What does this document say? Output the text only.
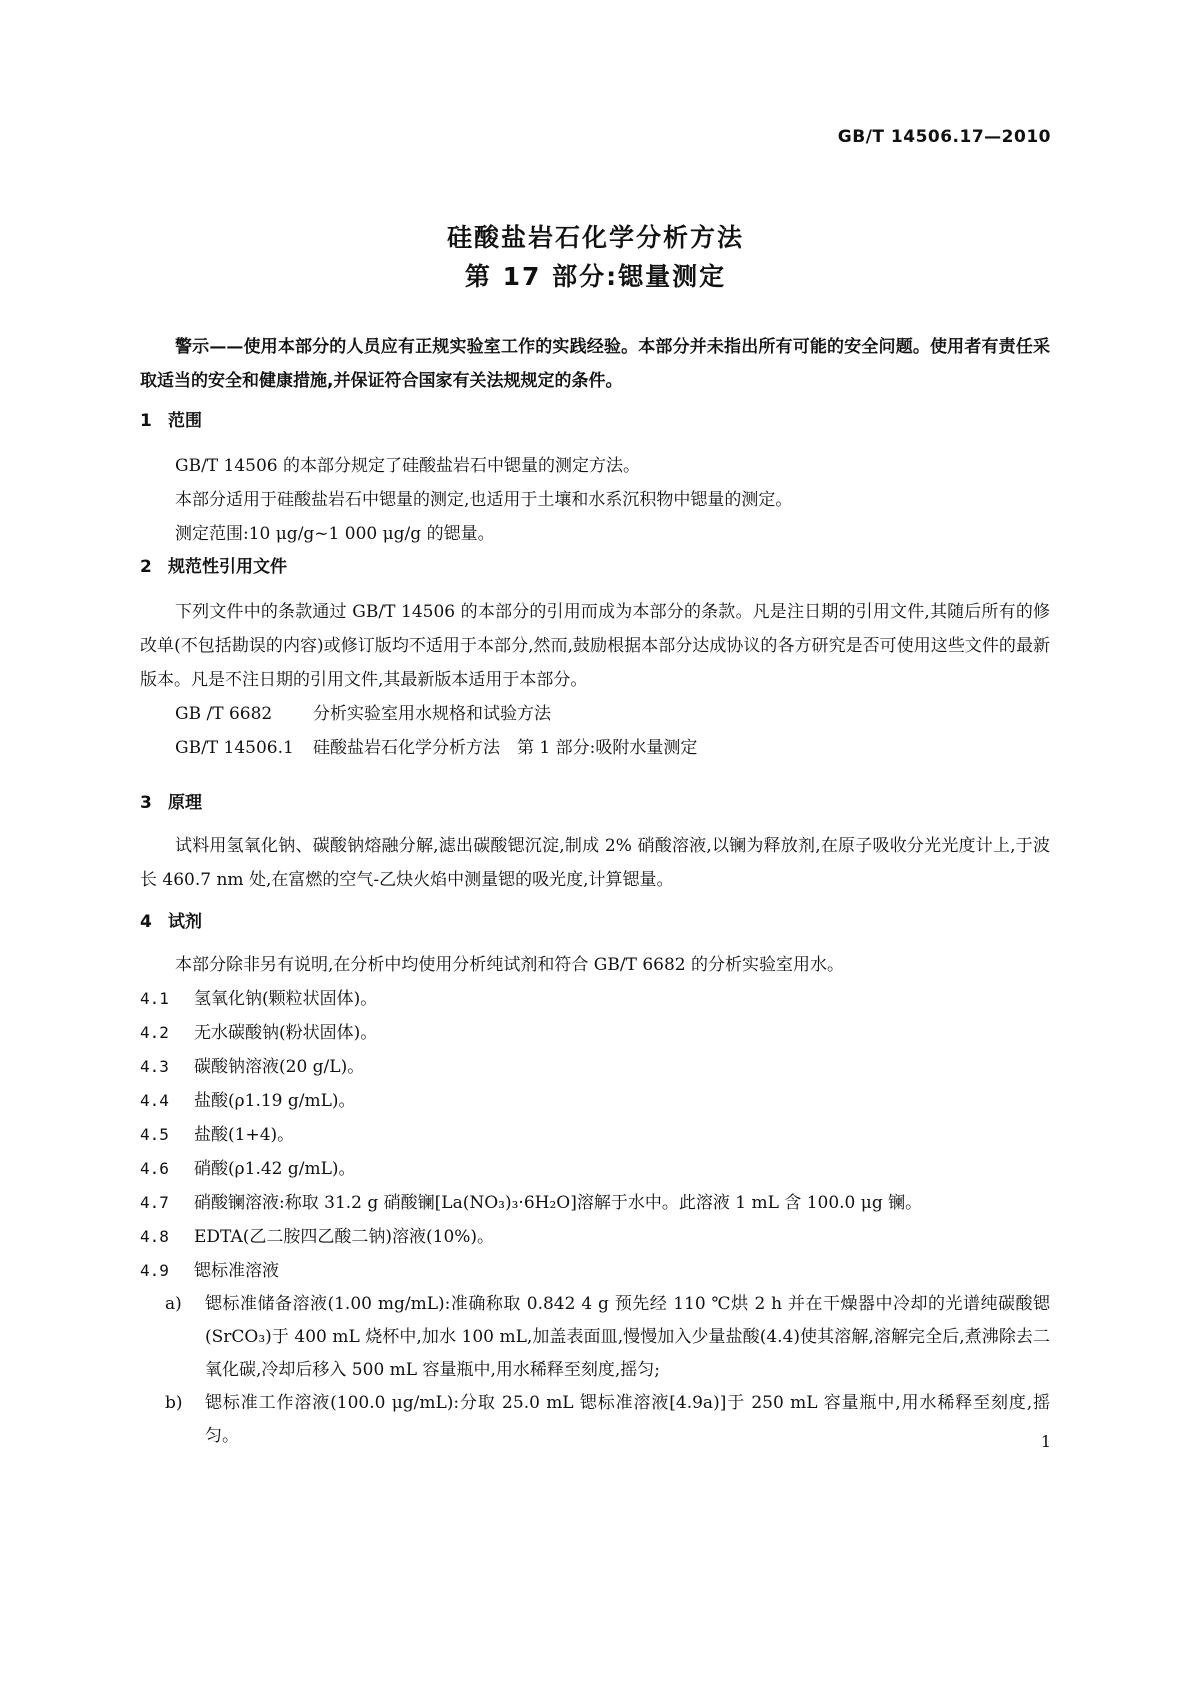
GB/T 14506.17—2010
硅酸盐岩石化学分析方法
第 17 部分:锶量测定

警示——使用本部分的人员应有正规实验室工作的实践经验。本部分并未指出所有可能的安全问题。使用者有责任采取适当的安全和健康措施,并保证符合国家有关法规规定的条件。

1 范围

GB/T 14506 的本部分规定了硅酸盐岩石中锶量的测定方法。

本部分适用于硅酸盐岩石中锶量的测定,也适用于土壤和水系沉积物中锶量的测定。

测定范围:10 μg/g~1 000 μg/g 的锶量。

2 规范性引用文件

下列文件中的条款通过 GB/T 14506 的本部分的引用而成为本部分的条款。凡是注日期的引用文件,其随后所有的修改单(不包括勘误的内容)或修订版均不适用于本部分,然而,鼓励根据本部分达成协议的各方研究是否可使用这些文件的最新版本。凡是不注日期的引用文件,其最新版本适用于本部分。

GB /T 6682 分析实验室用水规格和试验方法

GB/T 14506.1 硅酸盐岩石化学分析方法　第 1 部分:吸附水量测定

3 原理

试料用氢氧化钠、碳酸钠熔融分解,滤出碳酸锶沉淀,制成 2% 硝酸溶液,以镧为释放剂,在原子吸收分光光度计上,于波长 460.7 nm 处,在富燃的空气-乙炔火焰中测量锶的吸光度,计算锶量。

4 试剂

本部分除非另有说明,在分析中均使用分析纯试剂和符合 GB/T 6682 的分析实验室用水。

4.1 氢氧化钠(颗粒状固体)。

4.2 无水碳酸钠(粉状固体)。

4.3 碳酸钠溶液(20 g/L)。

4.4 盐酸(ρ1.19 g/mL)。

4.5 盐酸(1+4)。

4.6 硝酸(ρ1.42 g/mL)。

4.7 硝酸镧溶液:称取 31.2 g 硝酸镧[La(NO₃)₃·6H₂O]溶解于水中。此溶液 1 mL 含 100.0 μg 镧。

4.8 EDTA(乙二胺四乙酸二钠)溶液(10%)。

4.9 锶标准溶液

a) 锶标准储备溶液(1.00 mg/mL):准确称取 0.842 4 g 预先经 110 ℃烘 2 h 并在干燥器中冷却的光谱纯碳酸锶(SrCO₃)于 400 mL 烧杯中,加水 100 mL,加盖表面皿,慢慢加入少量盐酸(4.4)使其溶解,溶解完全后,煮沸除去二氧化碳,冷却后移入 500 mL 容量瓶中,用水稀释至刻度,摇匀;

b) 锶标准工作溶液(100.0 μg/mL):分取 25.0 mL 锶标准溶液[4.9a)]于 250 mL 容量瓶中,用水稀释至刻度,摇匀。	1
